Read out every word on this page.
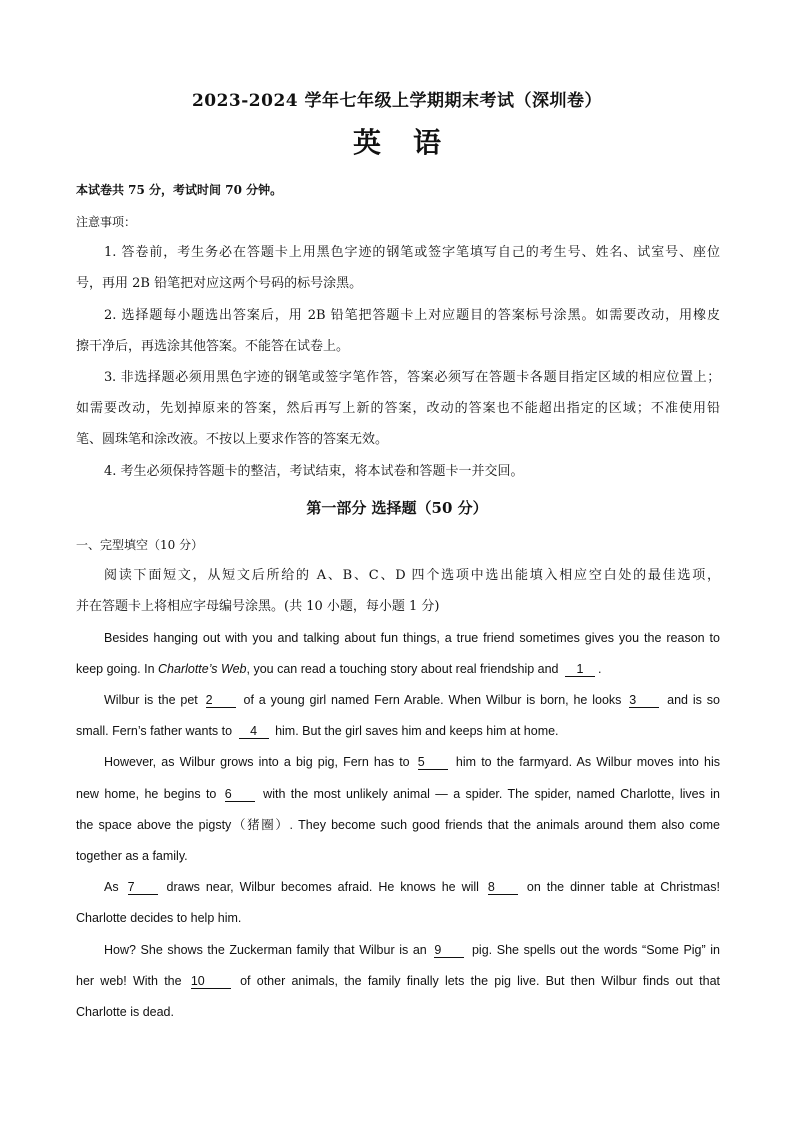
2023-2024 学年七年级上学期期末考试（深圳卷）
英语
本试卷共 75 分，考试时间 70 分钟。
注意事项：
1. 答卷前，考生务必在答题卡上用黑色字迹的钢笔或签字笔填写自己的考生号、姓名、试室号、座位
号，再用 2B 铅笔把对应这两个号码的标号涂黑。
2. 选择题每小题选出答案后，用 2B 铅笔把答题卡上对应题目的答案标号涂黑。如需要改动，用橡皮
擦干净后，再选涂其他答案。不能答在试卷上。
3. 非选择题必须用黑色字迹的钢笔或签字笔作答，答案必须写在答题卡各题目指定区域的相应位置上；
如需要改动，先划掉原来的答案，然后再写上新的答案，改动的答案也不能超出指定的区域；不准使用铅
笔、圆珠笔和涂改液。不按以上要求作答的答案无效。
4. 考生必须保持答题卡的整洁，考试结束，将本试卷和答题卡一并交回。
第一部分 选择题（50 分）
一、完型填空（10 分）
阅读下面短文，从短文后所给的 A、B、C、D 四个选项中选出能填入相应空白处的最佳选项，
并在答题卡上将相应字母编号涂黑。(共 10 小题，每小题 1 分)
Besides hanging out with you and talking about fun things, a true friend sometimes gives you the reason to
keep going. In Charlotte’s Web, you can read a touching story about real friendship and 1 .
Wilbur is the pet 2 of a young girl named Fern Arable. When Wilbur is born, he looks 3 and is so
small. Fern’s father wants to 4 him. But the girl saves him and keeps him at home.
However, as Wilbur grows into a big pig, Fern has to 5 him to the farmyard. As Wilbur moves into his
new home, he begins to 6	with the most unlikely animal — a spider. The spider, named Charlotte, lives in
the space above the pigsty（猪圈）. They become such good friends that the animals around them also come
together as a family.
As 7	draws near, Wilbur becomes afraid. He knows he will 8	on the dinner table at Christmas!
Charlotte decides to help him.
How? She shows the Zuckerman family that Wilbur is an 9 pig. She spells out the words “Some Pig” in
her web! With the 10	of other animals, the family finally lets the pig live. But then Wilbur finds out that
Charlotte is dead.
